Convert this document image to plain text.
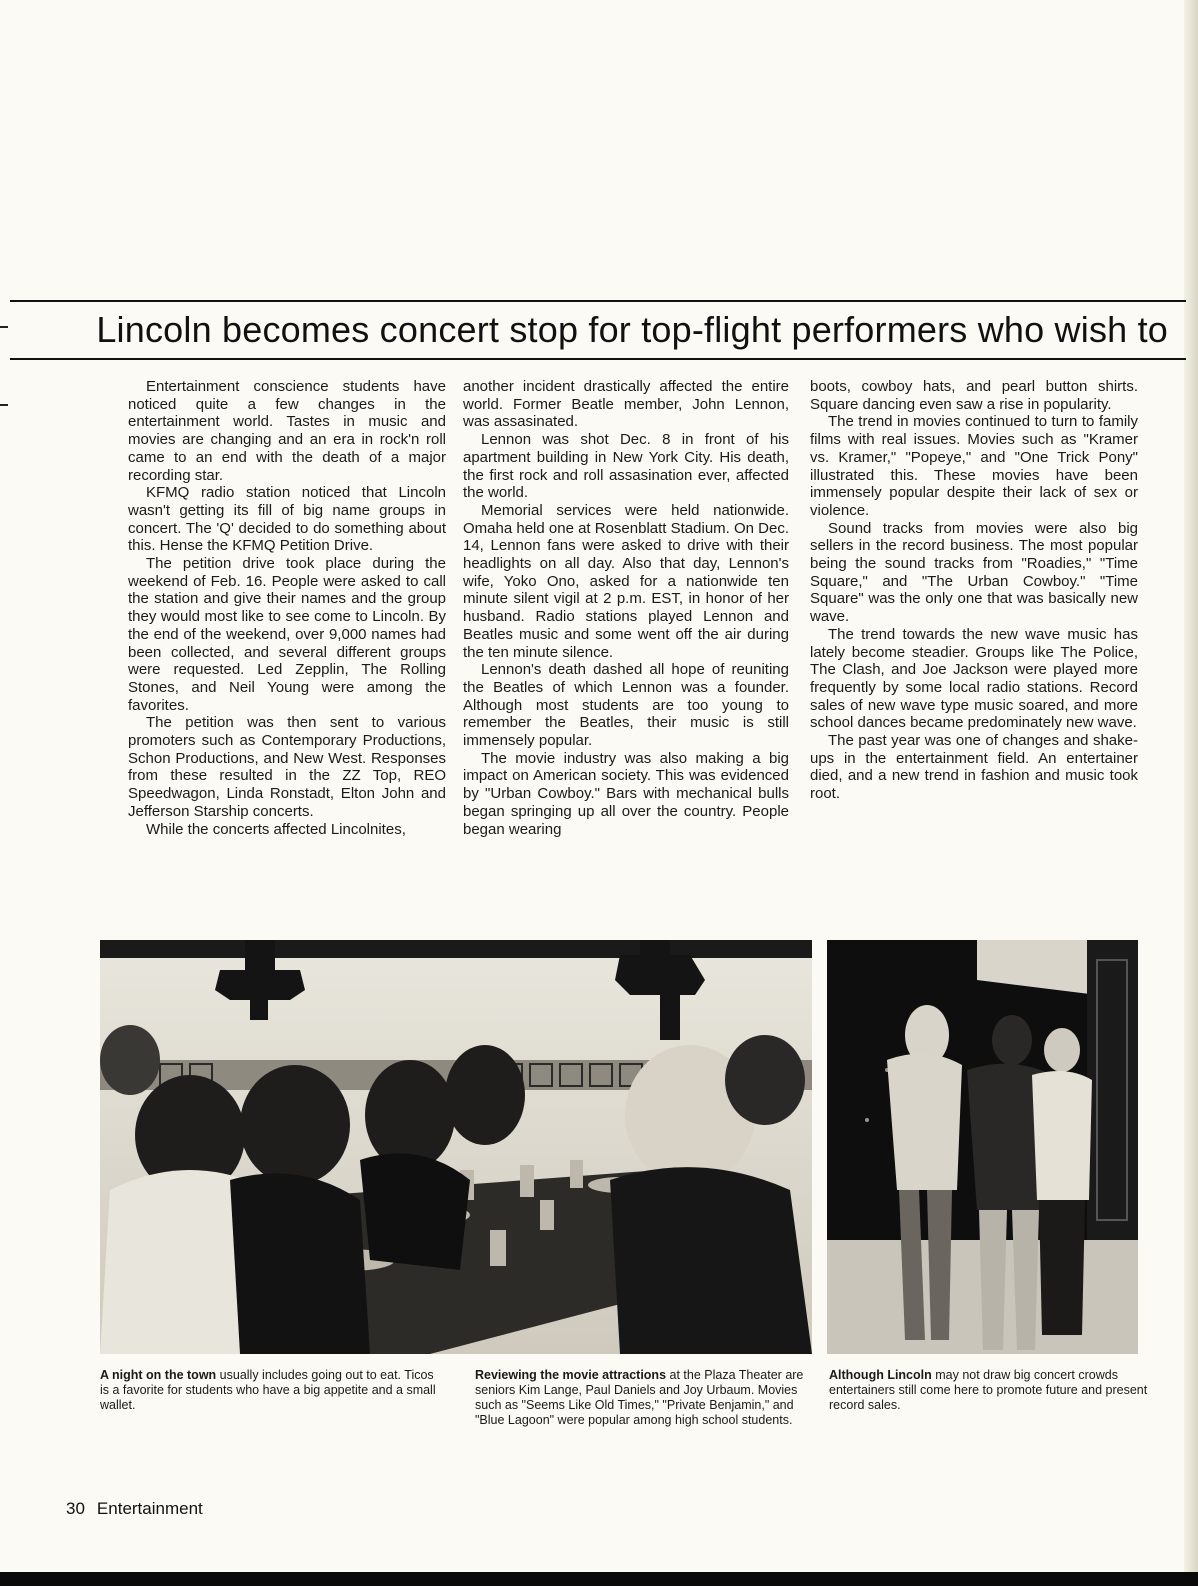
Lincoln becomes concert stop for top-flight performers who wish to

Entertainment conscience students have noticed quite a few changes in the entertainment world. Tastes in music and movies are changing and an era in rock'n roll came to an end with the death of a major recording star.

KFMQ radio station noticed that Lincoln wasn't getting its fill of big name groups in concert. The 'Q' decided to do something about this. Hense the KFMQ Petition Drive.

The petition drive took place during the weekend of Feb. 16. People were asked to call the station and give their names and the group they would most like to see come to Lincoln. By the end of the weekend, over 9,000 names had been collected, and several different groups were requested. Led Zepplin, The Rolling Stones, and Neil Young were among the favorites.

The petition was then sent to various promoters such as Contemporary Productions, Schon Productions, and New West. Responses from these resulted in the ZZ Top, REO Speedwagon, Linda Ronstadt, Elton John and Jefferson Starship concerts.

While the concerts affected Lincolnites,

another incident drastically affected the entire world. Former Beatle member, John Lennon, was assasinated.

Lennon was shot Dec. 8 in front of his apartment building in New York City. His death, the first rock and roll assasination ever, affected the world.

Memorial services were held nationwide. Omaha held one at Rosenblatt Stadium. On Dec. 14, Lennon fans were asked to drive with their headlights on all day. Also that day, Lennon's wife, Yoko Ono, asked for a nationwide ten minute silent vigil at 2 p.m. EST, in honor of her husband. Radio stations played Lennon and Beatles music and some went off the air during the ten minute silence.

Lennon's death dashed all hope of reuniting the Beatles of which Lennon was a founder. Although most students are too young to remember the Beatles, their music is still immensely popular.

The movie industry was also making a big impact on American society. This was evidenced by "Urban Cowboy." Bars with mechanical bulls began springing up all over the country. People began wearing

boots, cowboy hats, and pearl button shirts. Square dancing even saw a rise in popularity.

The trend in movies continued to turn to family films with real issues. Movies such as "Kramer vs. Kramer," "Popeye," and "One Trick Pony" illustrated this. These movies have been immensely popular despite their lack of sex or violence.

Sound tracks from movies were also big sellers in the record business. The most popular being the sound tracks from "Roadies," "Time Square," and "The Urban Cowboy." "Time Square" was the only one that was basically new wave.

The trend towards the new wave music has lately become steadier. Groups like The Police, The Clash, and Joe Jackson were played more frequently by some local radio stations. Record sales of new wave type music soared, and more school dances became predominately new wave.

The past year was one of changes and shake-ups in the entertainment field. An entertainer died, and a new trend in fashion and music took root.

A night on the town usually includes going out to eat. Ticos is a favorite for students who have a big appetite and a small wallet.
Reviewing the movie attractions at the Plaza Theater are seniors Kim Lange, Paul Daniels and Joy Urbaum. Movies such as "Seems Like Old Times," "Private Benjamin," and "Blue Lagoon" were popular among high school students.
Although Lincoln may not draw big concert crowds entertainers still come here to promote future and present record sales.
30 Entertainment
